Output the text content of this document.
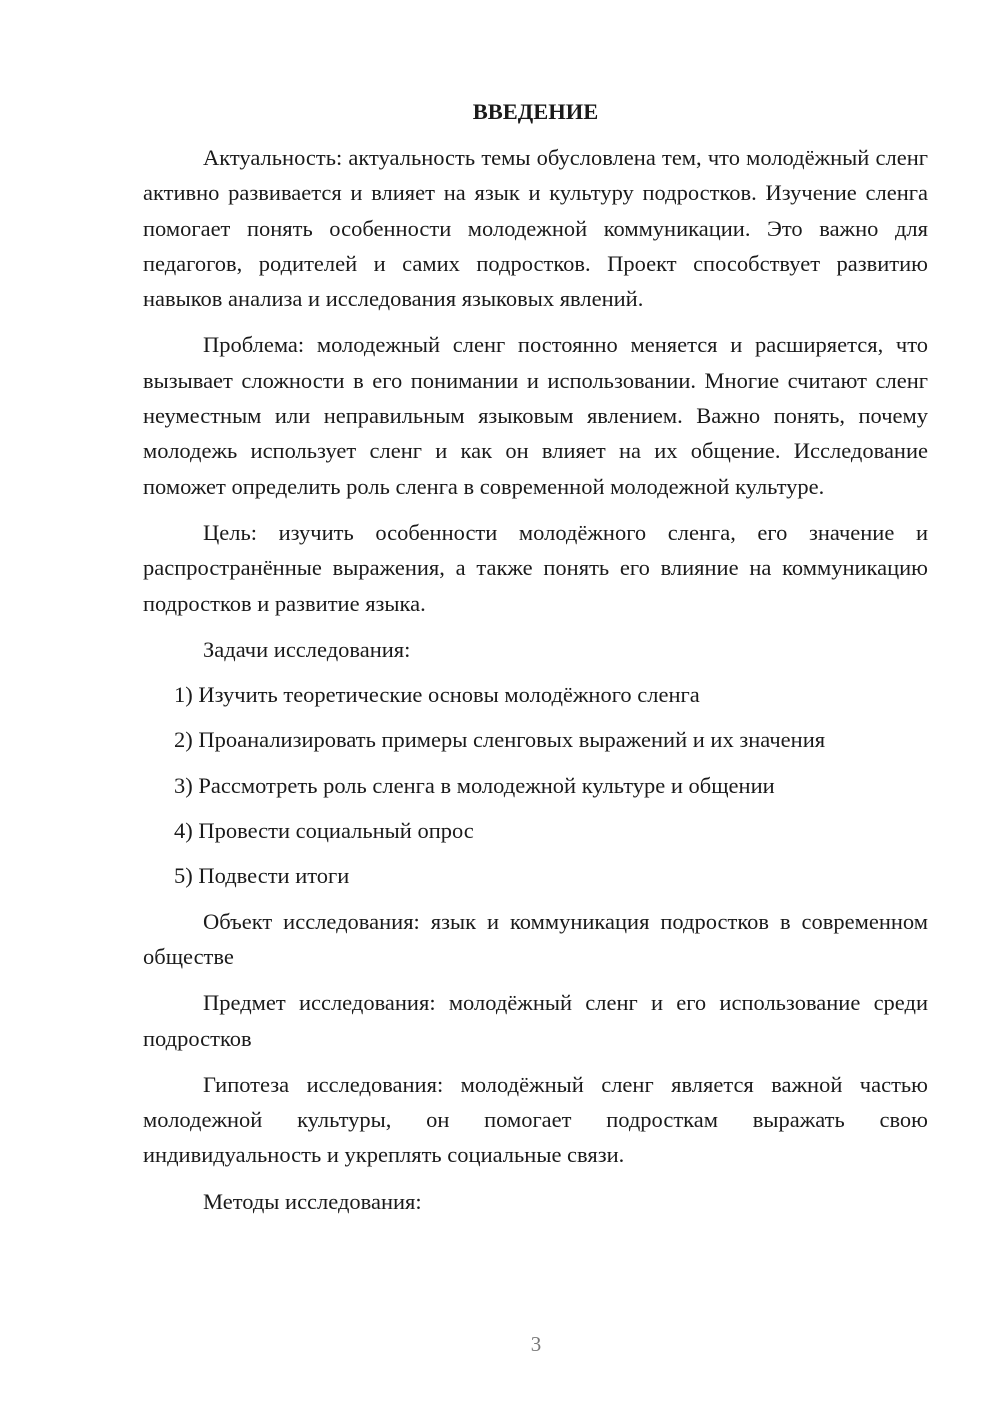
ВВЕДЕНИЕ

Актуальность: актуальность темы обусловлена тем, что молодёжный сленг активно развивается и влияет на язык и культуру подростков. Изучение сленга помогает понять особенности молодежной коммуникации. Это важно для педагогов, родителей и самих подростков. Проект способствует развитию навыков анализа и исследования языковых явлений.

Проблема: молодежный сленг постоянно меняется и расширяется, что вызывает сложности в его понимании и использовании. Многие считают сленг неуместным или неправильным языковым явлением. Важно понять, почему молодежь использует сленг и как он влияет на их общение. Исследование поможет определить роль сленга в современной молодежной культуре.

Цель: изучить особенности молодёжного сленга, его значение и распространённые выражения, а также понять его влияние на коммуникацию подростков и развитие языка.

Задачи исследования:
1) Изучить теоретические основы молодёжного сленга
2) Проанализировать примеры сленговых выражений и их значения
3) Рассмотреть роль сленга в молодежной культуре и общении
4) Провести социальный опрос
5) Подвести итоги

Объект исследования: язык и коммуникация подростков в современном обществе

Предмет исследования: молодёжный сленг и его использование среди подростков

Гипотеза исследования: молодёжный сленг является важной частью молодежной культуры, он помогает подросткам выражать свою индивидуальность и укреплять социальные связи.

Методы исследования:

3
